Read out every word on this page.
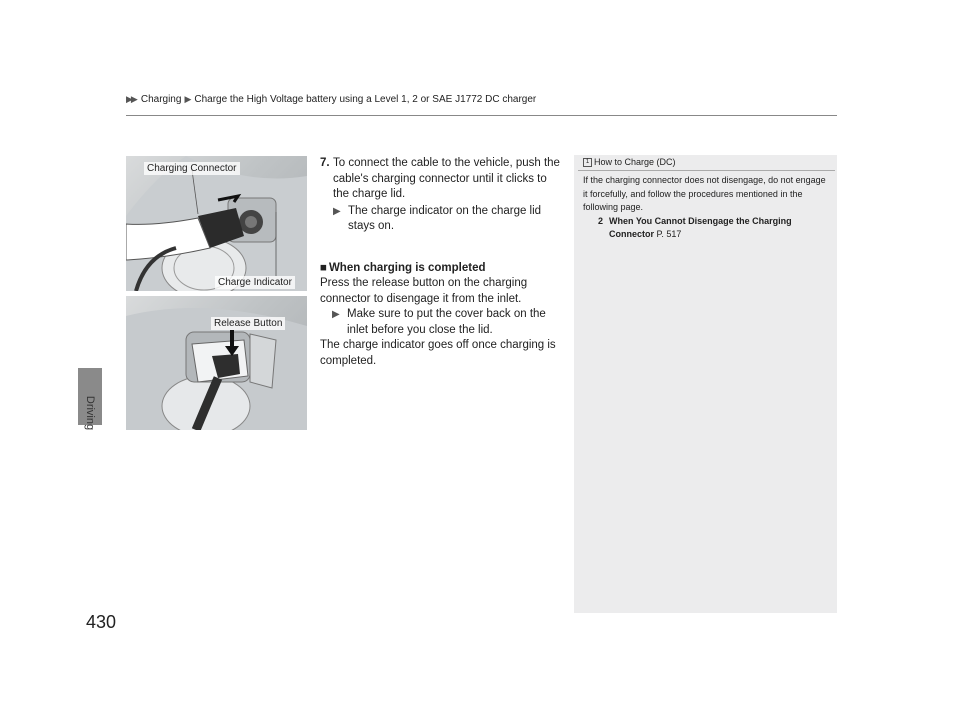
▶▶ Charging ▶ Charge the High Voltage battery using a Level 1, 2 or SAE J1772 DC charger
Driving
430
Charging Connector
Charge Indicator
Release Button
7. To connect the cable to the vehicle, push the cable's charging connector until it clicks to the charge lid.
▶ The charge indicator on the charge lid stays on.
■ When charging is completed
Press the release button on the charging connector to disengage it from the inlet.
▶ Make sure to put the cover back on the inlet before you close the lid.
The charge indicator goes off once charging is completed.
1 How to Charge (DC)
If the charging connector does not disengage, do not engage it forcefully, and follow the procedures mentioned in the following page.
2 When You Cannot Disengage the Charging Connector P. 517
